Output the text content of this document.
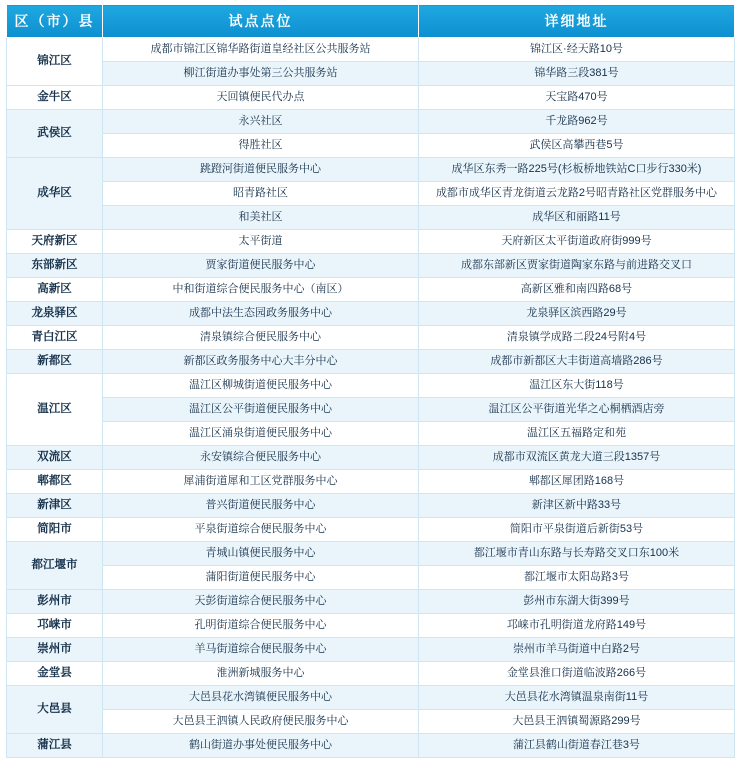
区（市）县	试点点位	详细地址
锦江区	成都市锦江区锦华路街道皇经社区公共服务站	锦江区·经天路10号
	柳江街道办事处第三公共服务站	锦华路三段381号
金牛区	天回镇便民代办点	天宝路470号
武侯区	永兴社区	千龙路962号
	得胜社区	武侯区高攀西巷5号
成华区	跳蹬河街道便民服务中心	成华区东秀一路225号(杉板桥地铁站C口步行330米)
	昭青路社区	成都市成华区青龙街道云龙路2号昭青路社区党群服务中心
	和美社区	成华区和丽路11号
天府新区	太平街道	天府新区太平街道政府街999号
东部新区	贾家街道便民服务中心	成都东部新区贾家街道陶家东路与前进路交叉口
高新区	中和街道综合便民服务中心（南区）	高新区雅和南四路68号
龙泉驿区	成都中法生态园政务服务中心	龙泉驿区滨西路29号
青白江区	清泉镇综合便民服务中心	清泉镇学成路二段24号附4号
新都区	新都区政务服务中心大丰分中心	成都市新都区大丰街道高墙路286号
温江区	温江区柳城街道便民服务中心	温江区东大街118号
	温江区公平街道便民服务中心	温江区公平街道光华之心桐栖酒店旁
	温江区涌泉街道便民服务中心	温江区五福路定和苑
双流区	永安镇综合便民服务中心	成都市双流区黄龙大道三段1357号
郫都区	犀浦街道犀和工区党群服务中心	郫都区犀团路168号
新津区	普兴街道便民服务中心	新津区新中路33号
简阳市	平泉街道综合便民服务中心	简阳市平泉街道后新街53号
都江堰市	青城山镇便民服务中心	都江堰市青山东路与长寿路交叉口东100米
	蒲阳街道便民服务中心	都江堰市太阳岛路3号
彭州市	天彭街道综合便民服务中心	彭州市东湖大街399号
邛崃市	孔明街道综合便民服务中心	邛崃市孔明街道龙府路149号
崇州市	羊马街道综合便民服务中心	崇州市羊马街道中白路2号
金堂县	淮洲新城服务中心	金堂县淮口街道临波路266号
大邑县	大邑县花水湾镇便民服务中心	大邑县花水湾镇温泉南街11号
	大邑县王泗镇人民政府便民服务中心	大邑县王泗镇蜀源路299号
蒲江县	鹤山街道办事处便民服务中心	蒲江县鹤山街道春江巷3号
